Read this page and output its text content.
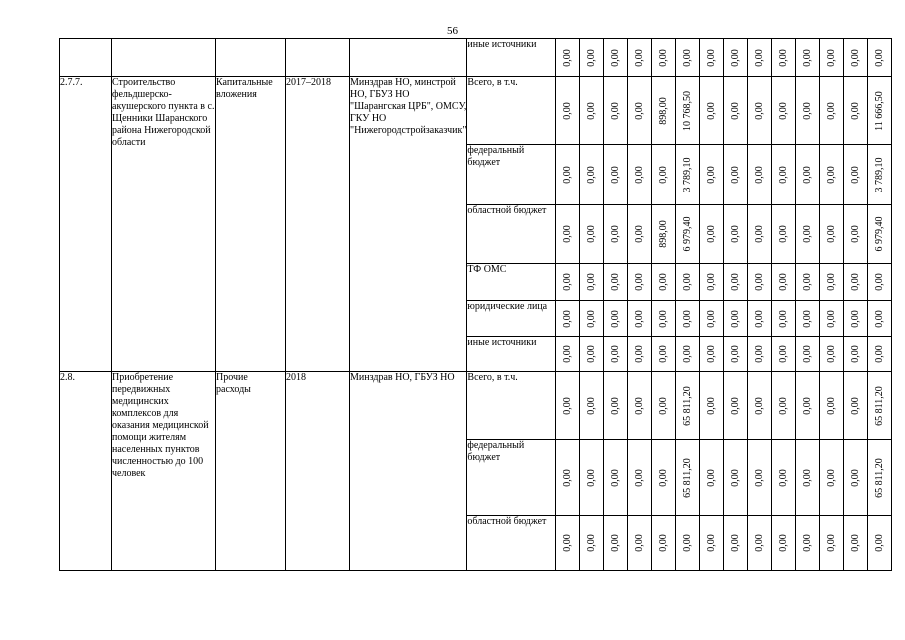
56
					иные источники	0,00	0,00	0,00	0,00	0,00	0,00	0,00	0,00	0,00	0,00	0,00	0,00	0,00	0,00

2.7.7.	Строительство фельдшерско-акушерского пункта в с. Щенники Шаранского района Нижегородской области	Капитальные вложения	2017–2018	Минздрав НО, минстрой НО, ГБУЗ НО "Шарангская ЦРБ", ОМСУ, ГКУ НО "Нижегородстройзаказчик"	Всего, в т.ч.	0,00	0,00	0,00	0,00	898,00	10 768,50	0,00	0,00	0,00	0,00	0,00	0,00	0,00	11 666,50

					федеральный бюджет	0,00	0,00	0,00	0,00	0,00	3 789,10	0,00	0,00	0,00	0,00	0,00	0,00	0,00	3 789,10

					областной бюджет	0,00	0,00	0,00	0,00	898,00	6 979,40	0,00	0,00	0,00	0,00	0,00	0,00	0,00	6 979,40

					ТФ ОМС	0,00	0,00	0,00	0,00	0,00	0,00	0,00	0,00	0,00	0,00	0,00	0,00	0,00	0,00

					юридические лица	0,00	0,00	0,00	0,00	0,00	0,00	0,00	0,00	0,00	0,00	0,00	0,00	0,00	0,00

					иные источники	0,00	0,00	0,00	0,00	0,00	0,00	0,00	0,00	0,00	0,00	0,00	0,00	0,00	0,00

2.8.	Приобретение передвижных медицинских комплексов для оказания медицинской помощи жителям населенных пунктов численностью до 100 человек	Прочие расходы	2018	Минздрав НО, ГБУЗ НО	Всего, в т.ч.	0,00	0,00	0,00	0,00	0,00	65 811,20	0,00	0,00	0,00	0,00	0,00	0,00	0,00	65 811,20

					федеральный бюджет	0,00	0,00	0,00	0,00	0,00	65 811,20	0,00	0,00	0,00	0,00	0,00	0,00	0,00	65 811,20

					областной бюджет	0,00	0,00	0,00	0,00	0,00	0,00	0,00	0,00	0,00	0,00	0,00	0,00	0,00	0,00
